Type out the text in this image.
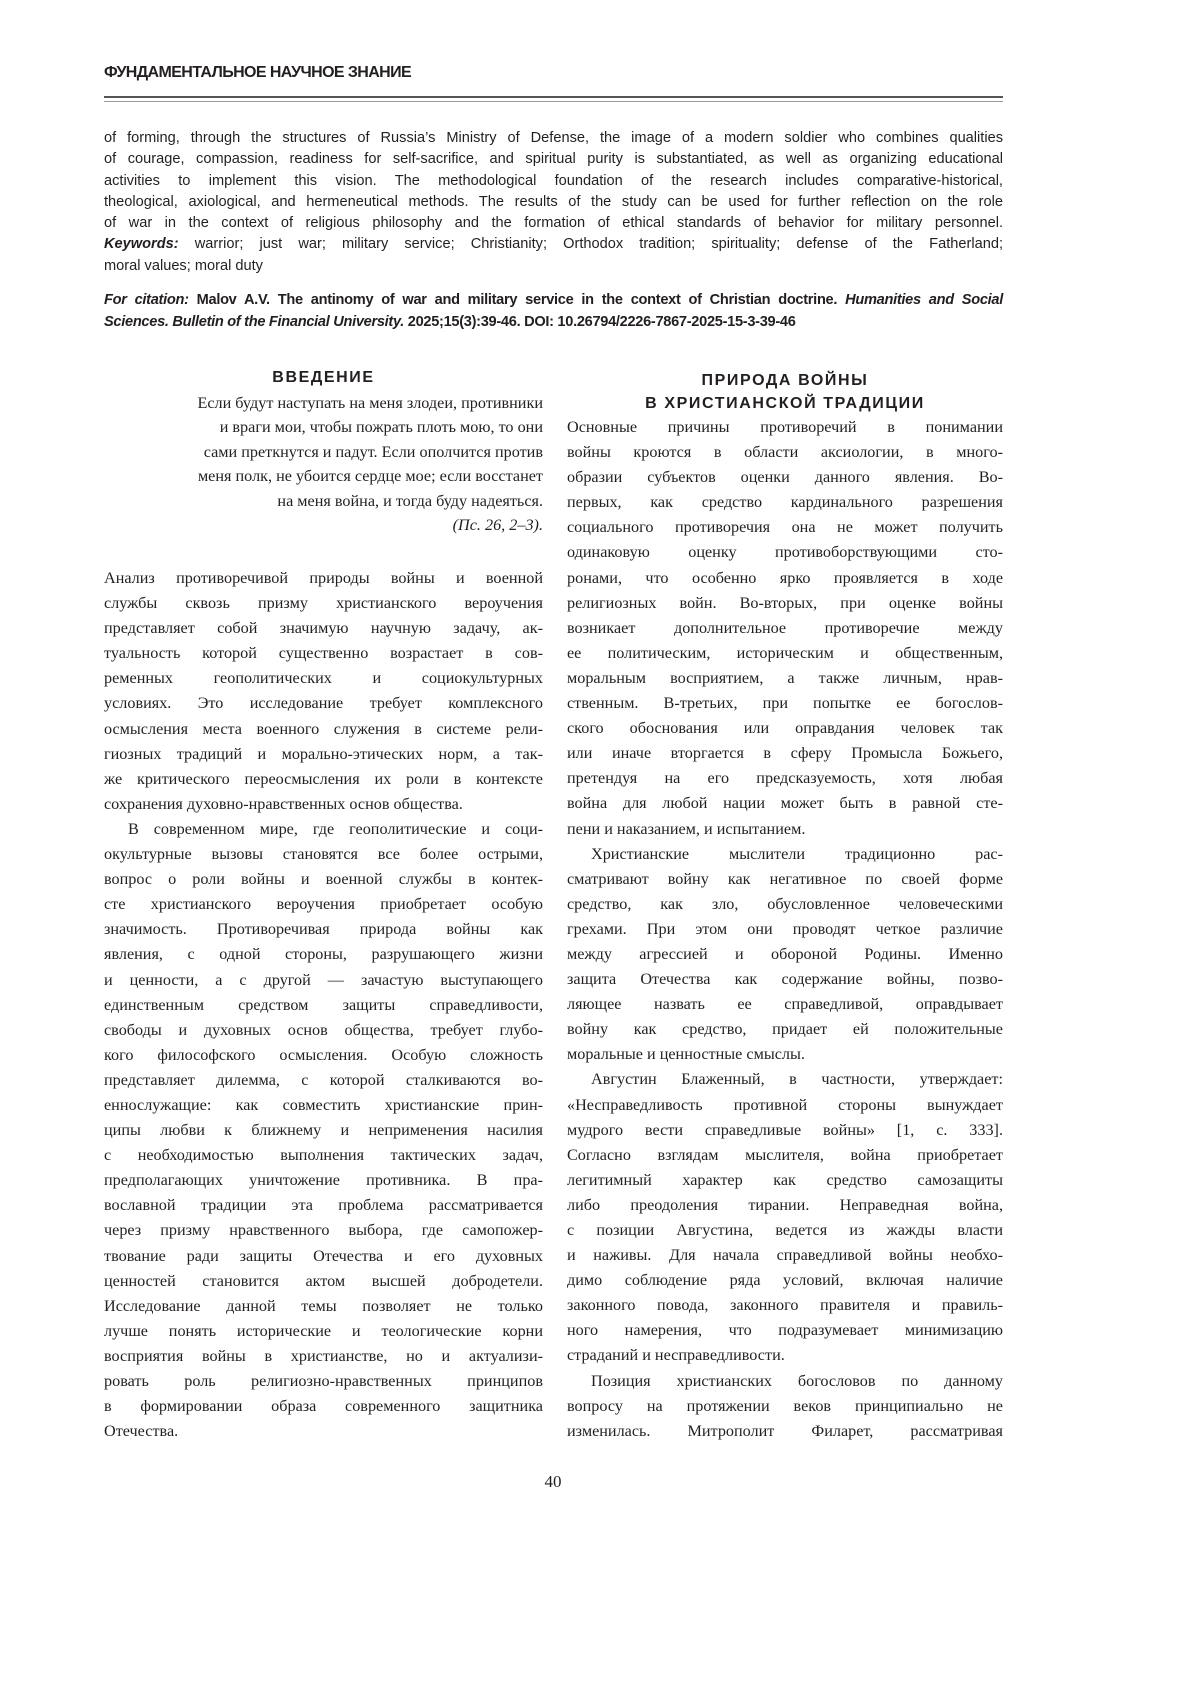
ФУНДАМЕНТАЛЬНОЕ НАУЧНОЕ ЗНАНИЕ
of forming, through the structures of Russia’s Ministry of Defense, the image of a modern soldier who combines qualities
of courage, compassion, readiness for self-sacrifice, and spiritual purity is substantiated, as well as organizing educational
activities to implement this vision. The methodological foundation of the research includes comparative-historical,
theological, axiological, and hermeneutical methods. The results of the study can be used for further reflection on the role
of war in the context of religious philosophy and the formation of ethical standards of behavior for military personnel.
Keywords: warrior; just war; military service; Christianity; Orthodox tradition; spirituality; defense of the Fatherland;
moral values; moral duty
For citation: Malov A.V. The antinomy of war and military service in the context of Christian doctrine. Humanities and Social
Sciences. Bulletin of the Financial University. 2025;15(3):39-46. DOI: 10.26794/2226-7867-2025-15-3-39-46
ВВЕДЕНИЕ
Если будут наступать на меня злодеи, противники
и враги мои, чтобы пожрать плоть мою, то они
сами преткнутся и падут. Если ополчится против
меня полк, не убоится сердце мое; если восстанет
на меня война, и тогда буду надеяться.
(Пс. 26, 2–3).
Анализ противоречивой природы войны и военной
службы сквозь призму христианского вероучения
представляет собой значимую научную задачу, ак-
туальность которой существенно возрастает в сов-
ременных геополитических и социокультурных
условиях. Это исследование требует комплексного
осмысления места военного служения в системе рели-
гиозных традиций и морально-этических норм, а так-
же критического переосмысления их роли в контексте
сохранения духовно-нравственных основ общества.
В современном мире, где геополитические и соци-
окультурные вызовы становятся все более острыми,
вопрос о роли войны и военной службы в контек-
сте христианского вероучения приобретает особую
значимость. Противоречивая природа войны как
явления, с одной стороны, разрушающего жизни
и ценности, а с другой — зачастую выступающего
единственным средством защиты справедливости,
свободы и духовных основ общества, требует глубо-
кого философского осмысления. Особую сложность
представляет дилемма, с которой сталкиваются во-
еннослужащие: как совместить христианские прин-
ципы любви к ближнему и неприменения насилия
с необходимостью выполнения тактических задач,
предполагающих уничтожение противника. В пра-
вославной традиции эта проблема рассматривается
через призму нравственного выбора, где самопожер-
твование ради защиты Отечества и его духовных
ценностей становится актом высшей добродетели.
Исследование данной темы позволяет не только
лучше понять исторические и теологические корни
восприятия войны в христианстве, но и актуализи-
ровать роль религиозно-нравственных принципов
в формировании образа современного защитника
Отечества.
ПРИРОДА ВОЙНЫ
В ХРИСТИАНСКОЙ ТРАДИЦИИ
Основные причины противоречий в понимании
войны кроются в области аксиологии, в много-
образии субъектов оценки данного явления. Во-
первых, как средство кардинального разрешения
социального противоречия она не может получить
одинаковую оценку противоборствующими сто-
ронами, что особенно ярко проявляется в ходе
религиозных войн. Во-вторых, при оценке войны
возникает дополнительное противоречие между
ее политическим, историческим и общественным,
моральным восприятием, а также личным, нрав-
ственным. В-третьих, при попытке ее богослов-
ского обоснования или оправдания человек так
или иначе вторгается в сферу Промысла Божьего,
претендуя на его предсказуемость, хотя любая
война для любой нации может быть в равной сте-
пени и наказанием, и испытанием.
Христианские мыслители традиционно рас-
сматривают войну как негативное по своей форме
средство, как зло, обусловленное человеческими
грехами. При этом они проводят четкое различие
между агрессией и обороной Родины. Именно
защита Отечества как содержание войны, позво-
ляющее назвать ее справедливой, оправдывает
войну как средство, придает ей положительные
моральные и ценностные смыслы.
Августин Блаженный, в частности, утверждает:
«Несправедливость противной стороны вынуждает
мудрого вести справедливые войны» [1, с. 333].
Согласно взглядам мыслителя, война приобретает
легитимный характер как средство самозащиты
либо преодоления тирании. Неправедная война,
с позиции Августина, ведется из жажды власти
и наживы. Для начала справедливой войны необхо-
димо соблюдение ряда условий, включая наличие
законного повода, законного правителя и правиль-
ного намерения, что подразумевает минимизацию
страданий и несправедливости.
Позиция христианских богословов по данному
вопросу на протяжении веков принципиально не
изменилась. Митрополит Филарет, рассматривая
40
